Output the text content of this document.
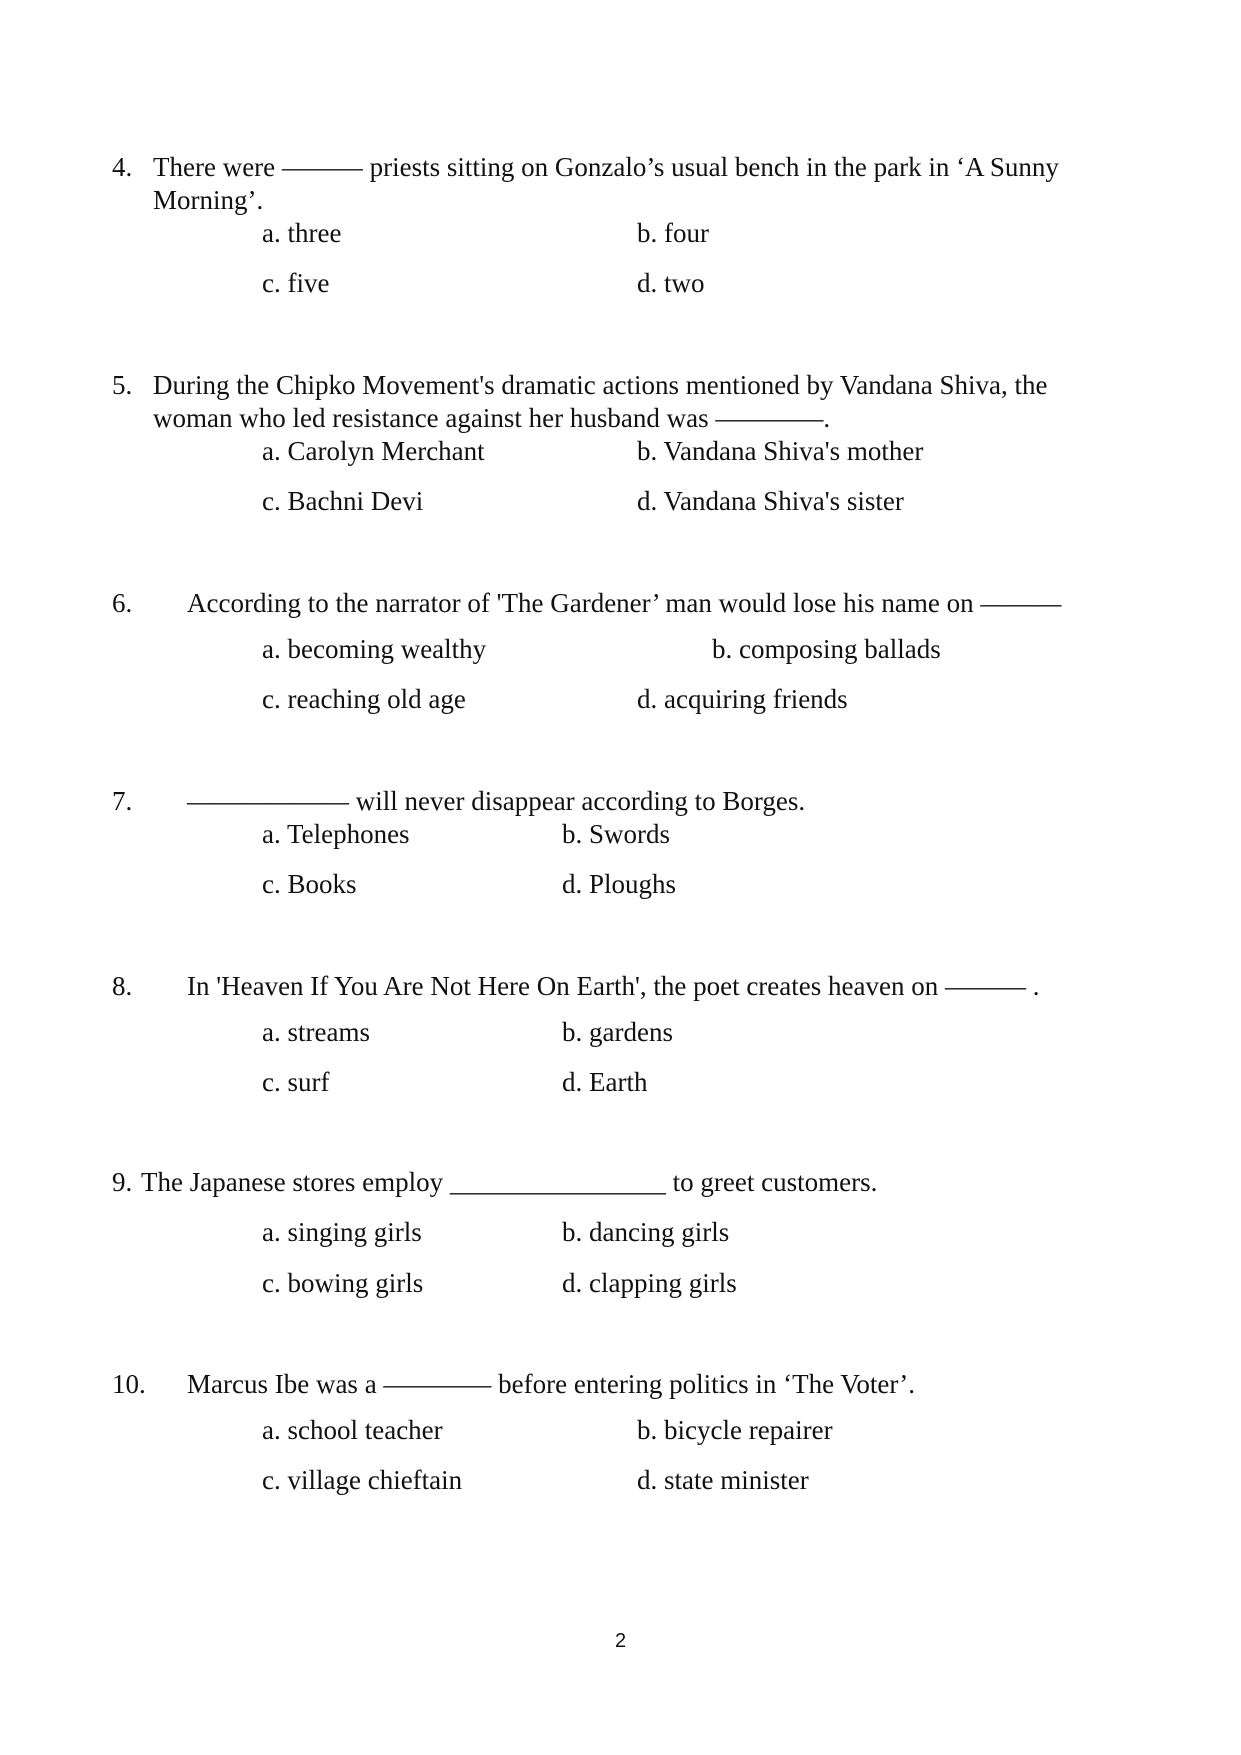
4. There were ——— priests sitting on Gonzalo’s usual bench in the park in ‘A Sunny
Morning’.
a. three	b. four
c. five	d. two
5. During the Chipko Movement's dramatic actions mentioned by Vandana Shiva, the
woman who led resistance against her husband was ————.
a. Carolyn Merchant	b. Vandana Shiva's mother
c. Bachni Devi	d. Vandana Shiva's sister
6. According to the narrator of 'The Gardener’ man would lose his name on ———
a. becoming wealthy	b. composing ballads
c. reaching old age	d. acquiring friends
7. —————— will never disappear according to Borges.
a. Telephones	b. Swords
c. Books	d. Ploughs
8. In 'Heaven If You Are Not Here On Earth', the poet creates heaven on ——— .
a. streams	b. gardens
c. surf	d. Earth
9. The Japanese stores employ ________________ to greet customers.
a. singing girls	b. dancing girls
c. bowing girls	d. clapping girls
10. Marcus Ibe was a ———— before entering politics in ‘The Voter’.
a. school teacher	b. bicycle repairer
c. village chieftain	d. state minister
2
